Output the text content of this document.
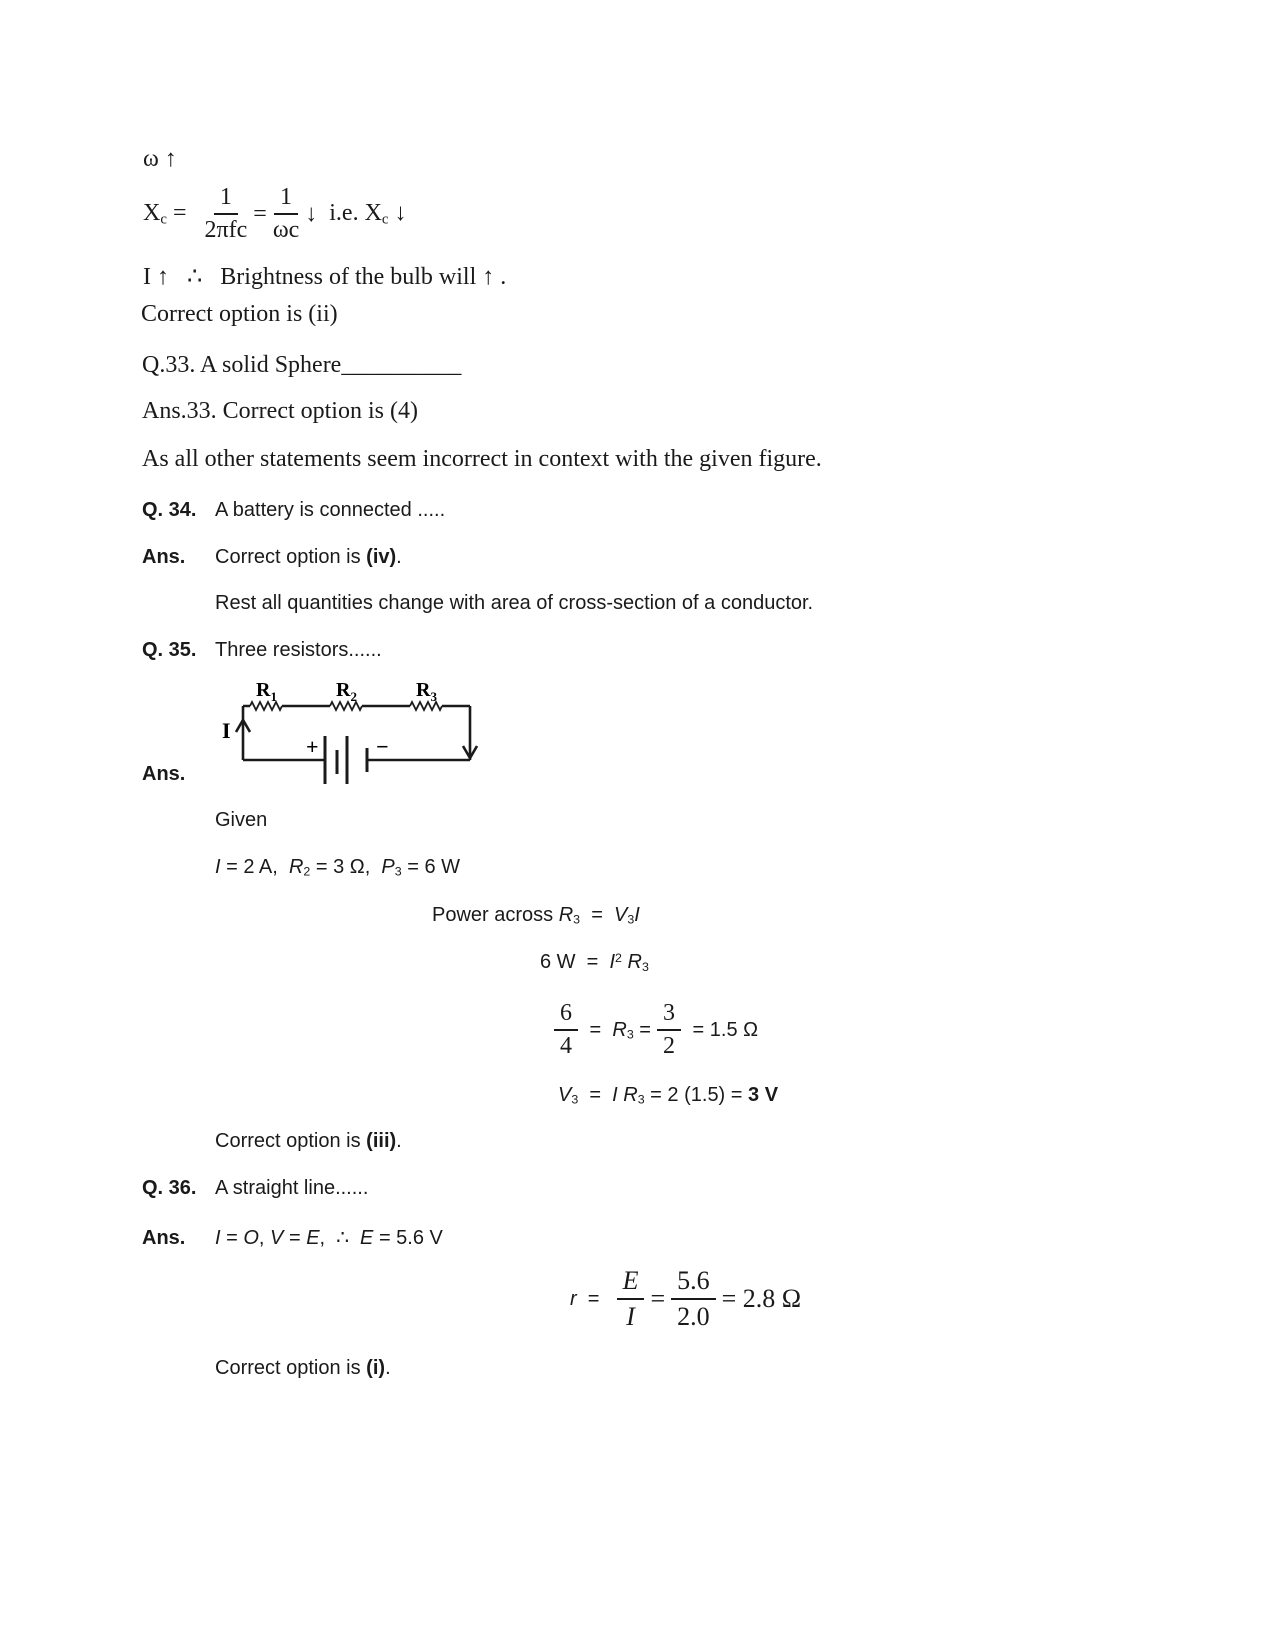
ω ↑
$Xc = \frac{1}{\text{2πfc}} = \frac{1}{\omega c}$ ↓ i.e. Xc ↓
I ↑   ∴   Brightness of the bulb will ↑ .
Correct option is (ii)
Q.33. A solid Sphere__________
Ans.33. Correct option is (4)
As all other statements seem incorrect in context with the given figure.
Q. 34. A battery is connected .....
Ans. Correct option is (iv).
Rest all quantities change with area of cross-section of a conductor.
Q. 35. Three resistors......
$R_1$	$R_2$	$R_3$
I
+	−
Ans.
Given
I = 2 A,  R2 = 3 Ω,  P3 = 6 W
Power across R3  =  V3I
6 $W = I^2$ R3
$\frac{6}{4} = R3 = \frac{3}{2} = 1.5$ Ω
V3  =  I R3 = 2 (1.5) = 3 V
Correct option is (iii).
Q. 36. A straight line......
Ans. I = O, V = E,  ∴  E = 5.6 V
$r = \frac{E}{I} = \frac{5.6}{2.0} = 2.8$ Ω
Correct option is (i).
